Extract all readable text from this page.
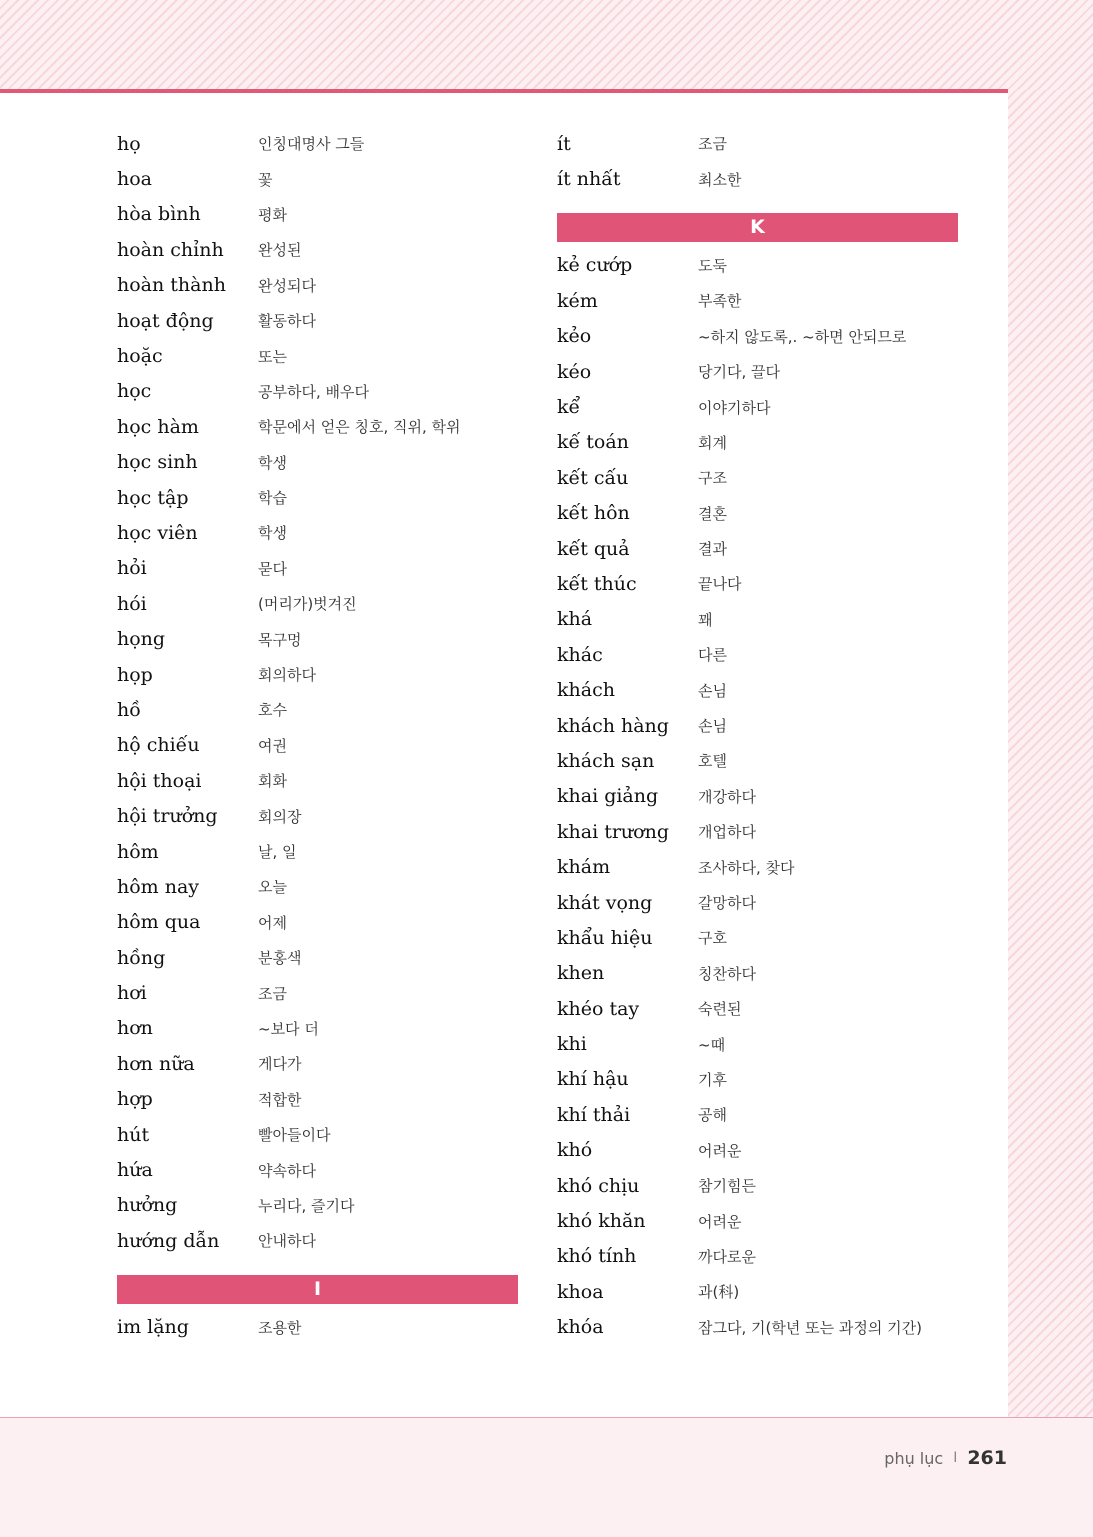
họ	인칭대명사 그들
hoa	꽃
hòa bình	평화
hoàn chỉnh	완성된
hoàn thành	완성되다
hoạt động	활동하다
hoặc	또는
học	공부하다, 배우다
học hàm	학문에서 얻은 칭호, 직위, 학위
học sinh	학생
học tập	학습
học viên	학생
hỏi	묻다
hói	(머리가)벗겨진
họng	목구멍
họp	회의하다
hồ	호수
hộ chiếu	여권
hội thoại	회화
hội trưởng	회의장
hôm	날, 일
hôm nay	오늘
hôm qua	어제
hồng	분홍색
hơi	조금
hơn	~보다 더
hơn nữa	게다가
hợp	적합한
hút	빨아들이다
hứa	약속하다
hưởng	누리다, 즐기다
hướng dẫn	안내하다
I
im lặng	조용한
ít	조금
ít nhất	최소한
K
kẻ cướp	도둑
kém	부족한
kẻo	~하지 않도록,. ~하면 안되므로
kéo	당기다, 끌다
kể	이야기하다
kế toán	회계
kết cấu	구조
kết hôn	결혼
kết quả	결과
kết thúc	끝나다
khá	꽤
khác	다른
khách	손님
khách hàng	손님
khách sạn	호텔
khai giảng	개강하다
khai trương	개업하다
khám	조사하다, 찾다
khát vọng	갈망하다
khẩu hiệu	구호
khen	칭찬하다
khéo tay	숙련된
khi	~때
khí hậu	기후
khí thải	공해
khó	어려운
khó chịu	참기힘든
khó khăn	어려운
khó tính	까다로운
khoa	과(科)
khóa	잠그다, 기(학년 또는 과정의 기간)
phụ lục I 261
